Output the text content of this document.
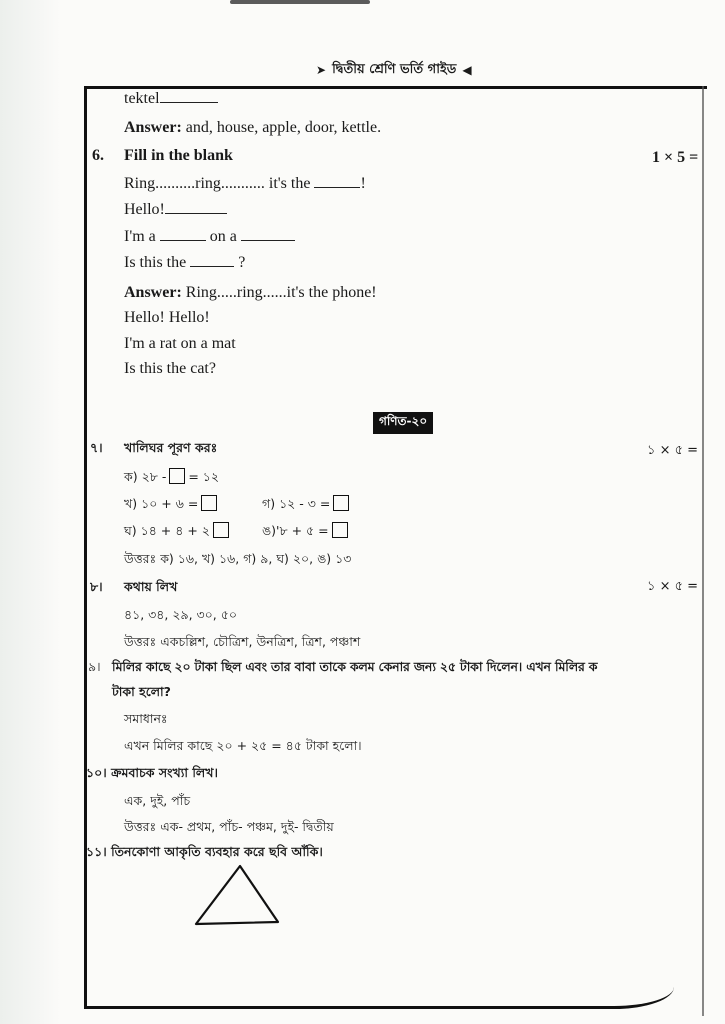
➤ দ্বিতীয় শ্রেণি ভর্তি গাইড ◀
tektel
Answer: and, house, apple, door, kettle.
6. Fill in the blank	1 × 5 =
Ring..........ring........... it's the	!
Hello!
I'm a	on a
Is this the	?
Answer: Ring.....ring......it's the phone!
Hello! Hello!
I'm a rat on a mat
Is this the cat?
গণিত-২০
৭। খালিঘর পূরণ করঃ	১ × ৫ =
ক) ২৮ - = ১২
খ) ১০ + ৬ =	গ) ১২ - ৩ =
ঘ) ১৪ + ৪ + ২	ঙ)'৮ + ৫ =
উত্তরঃ ক) ১৬, খ) ১৬, গ) ৯, ঘ) ২০, ঙ) ১৩
৮। কথায় লিখ	১ × ৫ =
৪১, ৩৪, ২৯, ৩০, ৫০
উত্তরঃ একচল্লিশ, চৌত্রিশ, উনত্রিশ, ত্রিশ, পঞ্চাশ
৯। মিলির কাছে ২০ টাকা ছিল এবং তার বাবা তাকে কলম কেনার জন্য ২৫ টাকা দিলেন। এখন মিলির ক
টাকা হলো?
সমাধানঃ
এখন মিলির কাছে ২০ + ২৫ = ৪৫ টাকা হলো।
১০। ক্রমবাচক সংখ্যা লিখ।
এক, দুই, পাঁচ
উত্তরঃ এক- প্রথম, পাঁচ- পঞ্চম, দুই- দ্বিতীয়
১১। তিনকোণা আকৃতি ব্যবহার করে ছবি আঁকি।
